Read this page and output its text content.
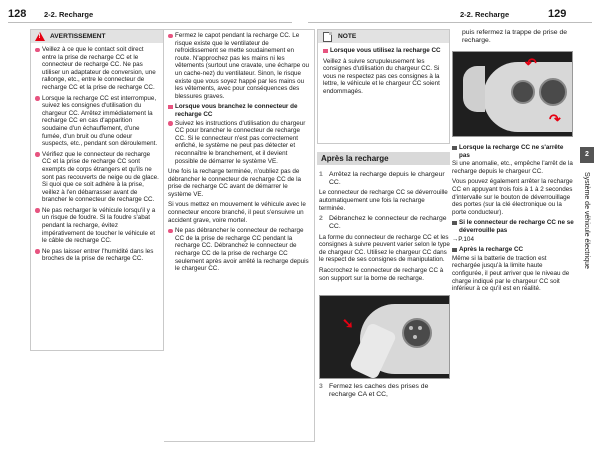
128 2-2. Recharge	2-2. Recharge	129
!
AVERTISSEMENT
Veillez à ce que le contact soit direct entre la prise de recharge CC et le connecteur de recharge CC. Ne pas utiliser un adaptateur de conversion, une rallonge, etc., entre le connecteur de recharge CC et la prise de recharge CC.
Lorsque la recharge CC est interrompue, suivez les consignes d'utilisation du chargeur CC. Arrêtez immédiatement la recharge CC en cas d'apparition soudaine d'un échauffement, d'une fumée, d'un bruit ou d'une odeur suspects, etc., pendant son déroulement.
Vérifiez que le connecteur de recharge CC et la prise de recharge CC sont exempts de corps étrangers et qu'ils ne sont pas recouverts de neige ou de glace. Si quoi que ce soit adhère à la prise, veillez à l'en débarrasser avant de brancher le connecteur de recharge CC.
Ne pas recharger le véhicule lorsqu'il y a un risque de foudre. Si la foudre s'abat pendant la recharge, évitez impérativement de toucher le véhicule et le câble de recharge CC.
Ne pas laisser entrer l'humidité dans les broches de la prise de recharge CC.
Fermez le capot pendant la recharge CC. Le risque existe que le ventilateur de refroidissement se mette soudainement en route. N'approchez pas les mains ni les vêtements (surtout une cravate, une écharpe ou un cache-nez) du ventilateur. Sinon, le risque existe que vous soyez happé par les mains ou les vêtements, avec pour conséquences des blessures graves.
Lorsque vous branchez le connecteur de recharge CC
Suivez les instructions d'utilisation du chargeur CC pour brancher le connecteur de recharge CC. Si le connecteur n'est pas correctement enfiché, le système ne peut pas détecter et reconnaître le branchement, et il devient possible de démarrer le système VE.
Une fois la recharge terminée, n'oubliez pas de débrancher le connecteur de recharge CC de la prise de recharge CC avant de démarrer le système VE.
Si vous mettez en mouvement le véhicule avec le connecteur encore branché, il peut s'ensuivre un accident grave, voire mortel.
Ne pas débrancher le connecteur de recharge CC de la prise de recharge CC pendant la recharge CC. Débranchez le connecteur de recharge CC de la prise de recharge CC seulement après avoir arrêté la recharge depuis le chargeur CC.
NOTE
Lorsque vous utilisez la recharge CC
Veillez à suivre scrupuleusement les consignes d'utilisation du chargeur CC. Si vous ne respectez pas ces consignes à la lettre, le véhicule et le chargeur CC soient endommagés.
Après la recharge
1 Arrêtez la recharge depuis le chargeur CC.
Le connecteur de recharge CC se déverrouille automatiquement une fois la recharge terminée.
2 Débranchez le connecteur de recharge CC.
La forme du connecteur de recharge CC et les consignes à suivre peuvent varier selon le type de chargeur CC. Utilisez le chargeur CC dans le respect de ses consignes de manipulation.
Raccrochez le connecteur de recharge CC à son support sur la borne de recharge.
➘
3 Fermez les caches des prises de recharge CA et CC,
puis refermez la trappe de prise de recharge.
↶
↷
Lorsque la recharge CC ne s'arrête pas
Si une anomalie, etc., empêche l'arrêt de la recharge depuis le chargeur CC.
Vous pouvez également arrêter la recharge CC en appuyant trois fois à 1 à 2 secondes d'intervalle sur le bouton de déverrouillage des portes (sur la clé électronique ou la porte conducteur).
Si le connecteur de recharge CC ne se déverrouille pas
→P.104
Après la recharge CC
Même si la batterie de traction est rechargée jusqu'à la limite haute configurée, il peut arriver que le niveau de charge indiqué par le chargeur CC soit inférieur à ce qu'il est en réalité.
2
Système de véhicule électrique
